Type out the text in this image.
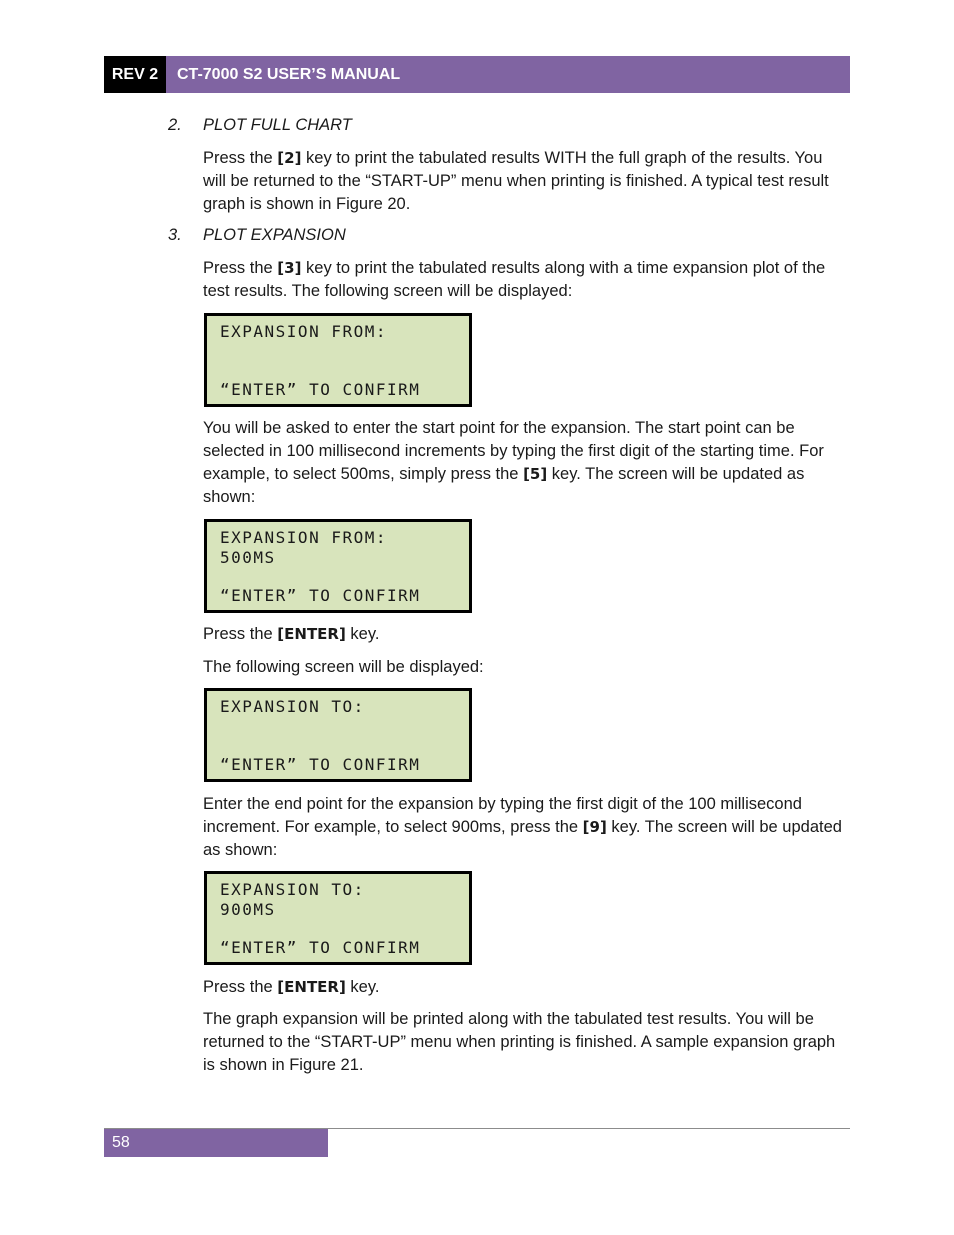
REV 2	CT-7000 S2 USER’S MANUAL
2. PLOT FULL CHART
Press the [2] key to print the tabulated results WITH the full graph of the results. You will be returned to the “START-UP” menu when printing is finished. A typical test result graph is shown in Figure 20.
3. PLOT EXPANSION
Press the [3] key to print the tabulated results along with a time expansion plot of the test results. The following screen will be displayed:
EXPANSION FROM:
“ENTER” TO CONFIRM
You will be asked to enter the start point for the expansion. The start point can be selected in 100 millisecond increments by typing the first digit of the starting time. For example, to select 500ms, simply press the [5] key. The screen will be updated as shown:
EXPANSION FROM:
500MS
“ENTER” TO CONFIRM
Press the [ENTER] key.
The following screen will be displayed:
EXPANSION TO:
“ENTER” TO CONFIRM
Enter the end point for the expansion by typing the first digit of the 100 millisecond increment. For example, to select 900ms, press the [9] key. The screen will be updated as shown:
EXPANSION TO:
900MS
“ENTER” TO CONFIRM
Press the [ENTER] key.
The graph expansion will be printed along with the tabulated test results. You will be returned to the “START-UP” menu when printing is finished. A sample expansion graph is shown in Figure 21.
58
